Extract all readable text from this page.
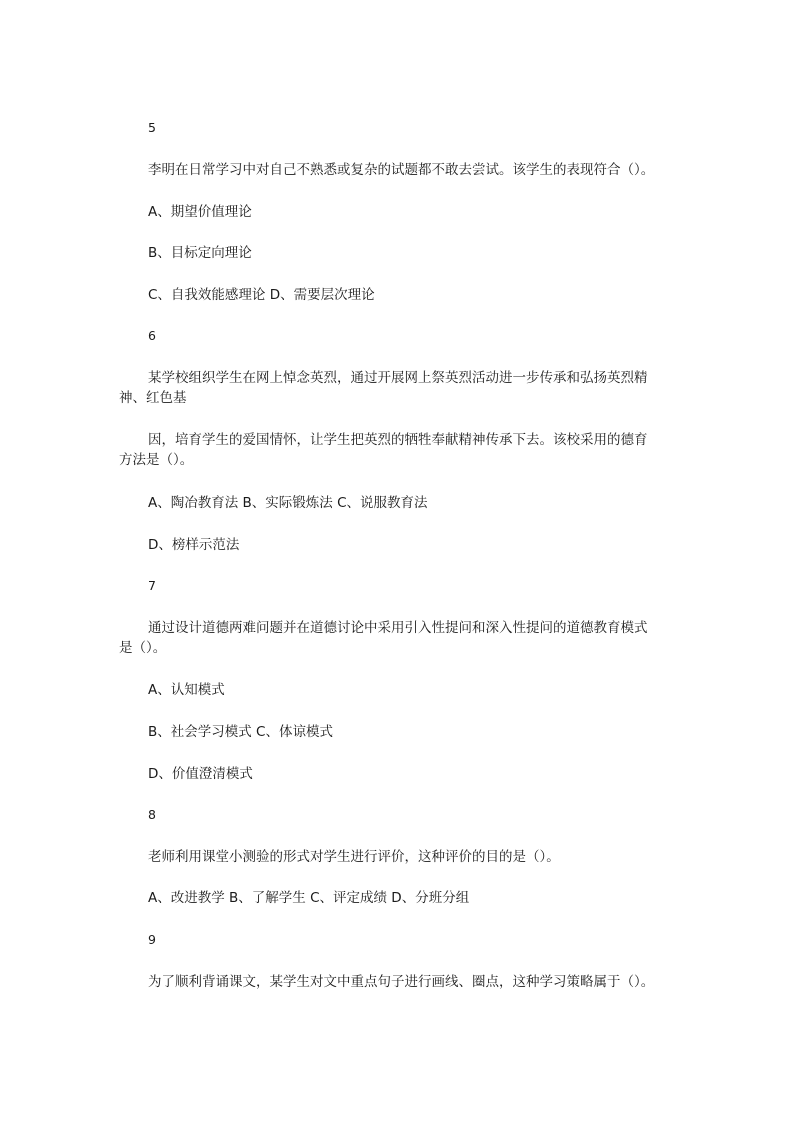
5
李明在日常学习中对自己不熟悉或复杂的试题都不敢去尝试。该学生的表现符合（）。
A、期望价值理论
B、目标定向理论
C、自我效能感理论 D、需要层次理论
6
某学校组织学生在网上悼念英烈，通过开展网上祭英烈活动进一步传承和弘扬英烈精
神、红色基
因，培育学生的爱国情怀，让学生把英烈的牺牲奉献精神传承下去。该校采用的德育
方法是（）。
A、陶冶教育法 B、实际锻炼法 C、说服教育法
D、榜样示范法
7
通过设计道德两难问题并在道德讨论中采用引入性提问和深入性提问的道德教育模式
是（）。
A、认知模式
B、社会学习模式 C、体谅模式
D、价值澄清模式
8
老师利用课堂小测验的形式对学生进行评价，这种评价的目的是（）。
A、改进教学 B、了解学生 C、评定成绩 D、分班分组
9
为了顺利背诵课文，某学生对文中重点句子进行画线、圈点，这种学习策略属于（）。
